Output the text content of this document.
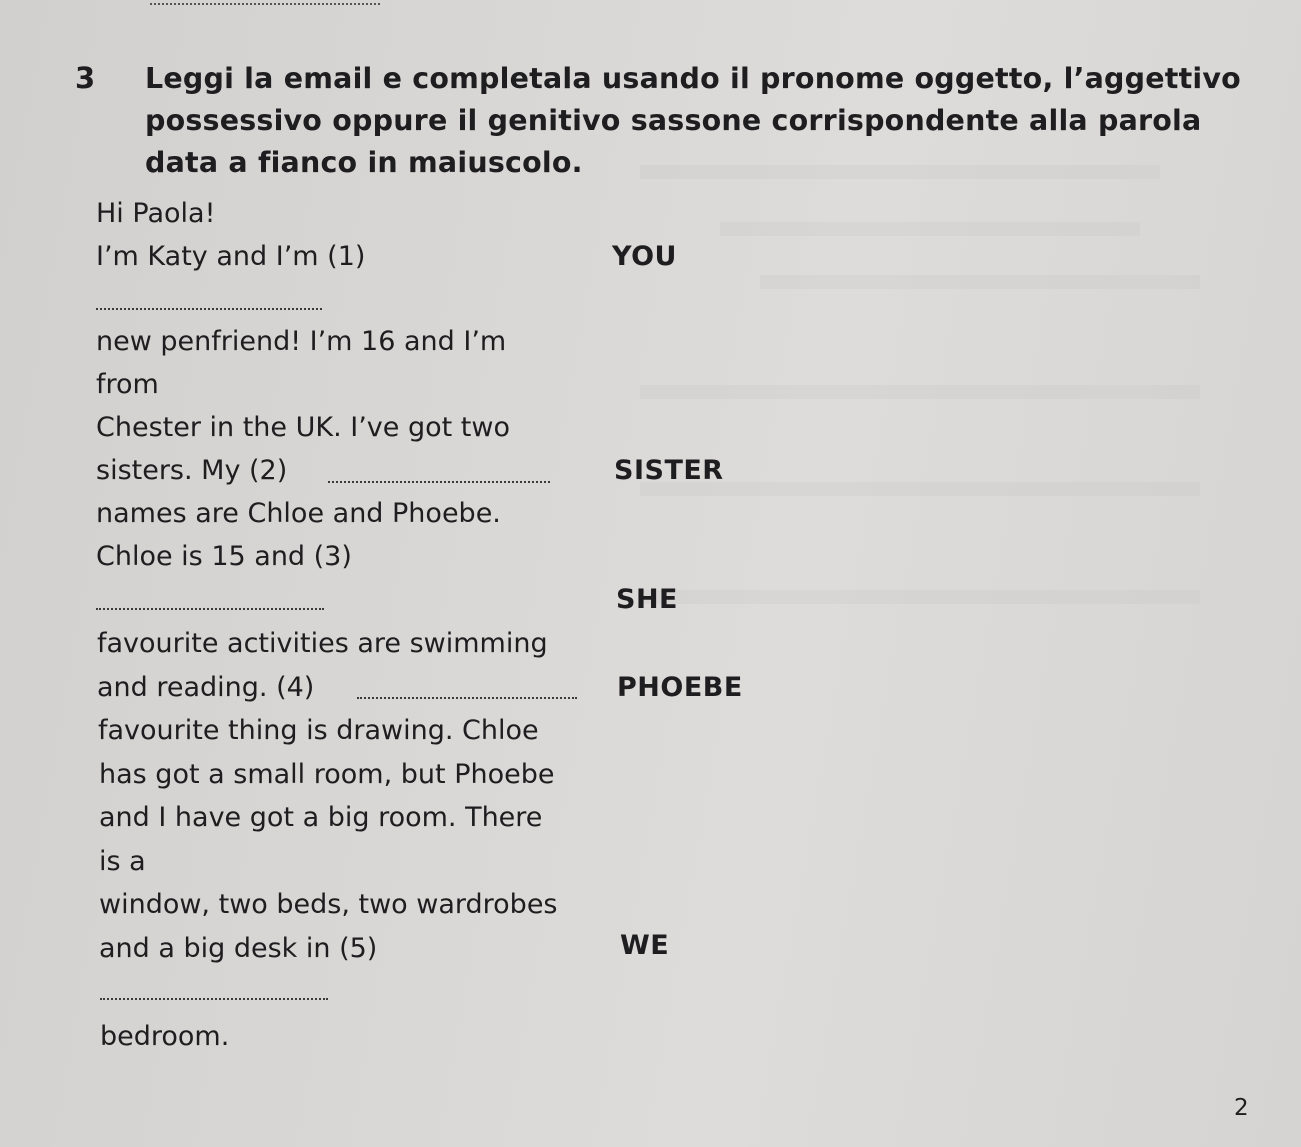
3 Leggi la email e completala usando il pronome oggetto, l’aggettivo possessivo oppure il genitivo sassone corrispondente alla parola data a fianco in maiuscolo.
Hi Paola!
I’m Katy and I’m (1)	YOU
new penfriend! I’m 16 and I’m
from
Chester in the UK. I’ve got two
sisters. My (2)	SISTER
names are Chloe and Phoebe.
Chloe is 15 and (3)
SHE
favourite activities are swimming
and reading. (4)	PHOEBE
favourite thing is drawing. Chloe
has got a small room, but Phoebe
and I have got a big room. There
is a
window, two beds, two wardrobes
and a big desk in (5)	WE
bedroom.
2
